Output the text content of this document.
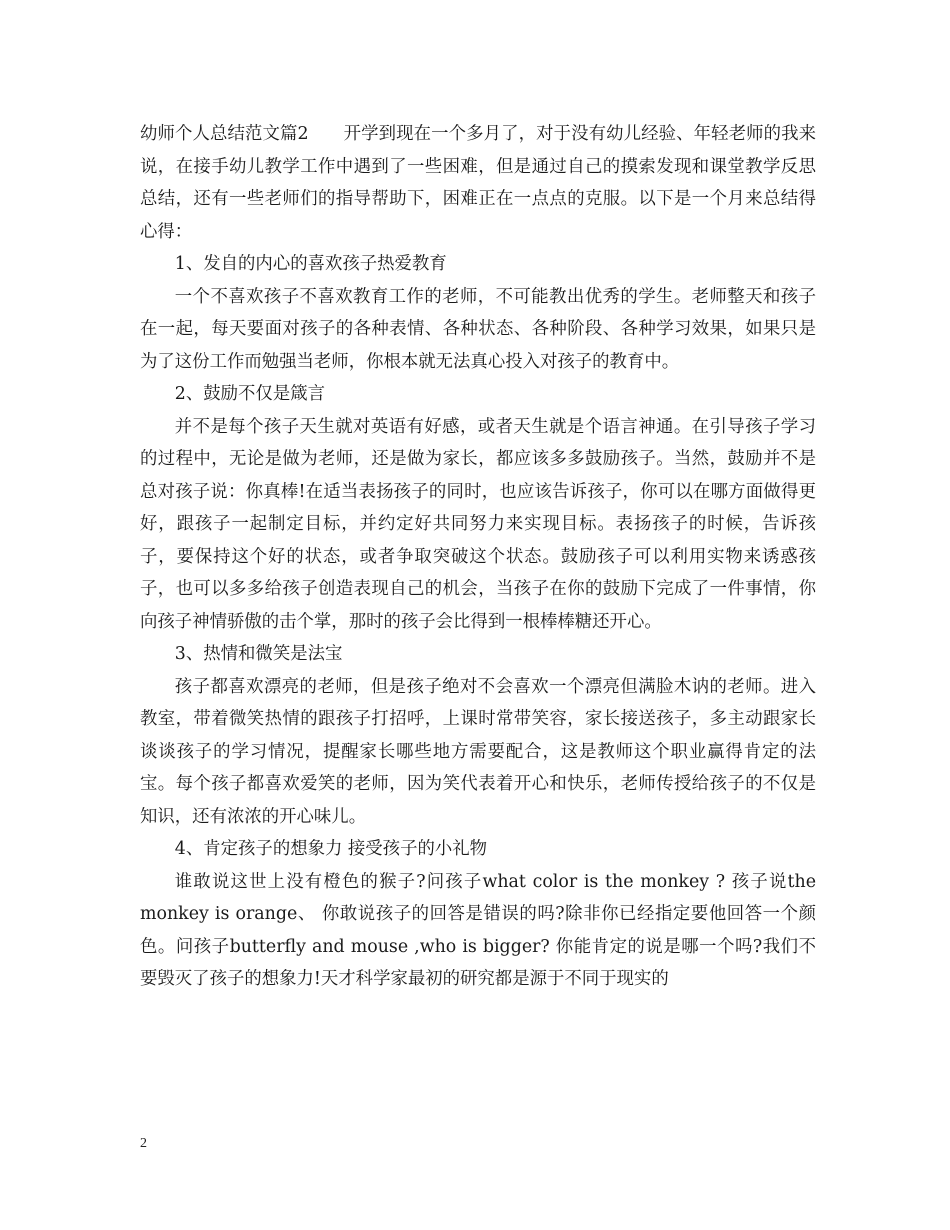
幼师个人总结范文篇2　　开学到现在一个多月了，对于没有幼儿经验、年轻老师的我来说，在接手幼儿教学工作中遇到了一些困难，但是通过自己的摸索发现和课堂教学反思总结，还有一些老师们的指导帮助下，困难正在一点点的克服。以下是一个月来总结得心得：

1、发自的内心的喜欢孩子热爱教育

一个不喜欢孩子不喜欢教育工作的老师，不可能教出优秀的学生。老师整天和孩子在一起，每天要面对孩子的各种表情、各种状态、各种阶段、各种学习效果，如果只是为了这份工作而勉强当老师，你根本就无法真心投入对孩子的教育中。

2、鼓励不仅是箴言

并不是每个孩子天生就对英语有好感，或者天生就是个语言神通。在引导孩子学习的过程中，无论是做为老师，还是做为家长，都应该多多鼓励孩子。当然，鼓励并不是总对孩子说：你真棒!在适当表扬孩子的同时，也应该告诉孩子，你可以在哪方面做得更好，跟孩子一起制定目标，并约定好共同努力来实现目标。表扬孩子的时候，告诉孩子，要保持这个好的状态，或者争取突破这个状态。鼓励孩子可以利用实物来诱惑孩子，也可以多多给孩子创造表现自己的机会，当孩子在你的鼓励下完成了一件事情，你向孩子神情骄傲的击个掌，那时的孩子会比得到一根棒棒糖还开心。

3、热情和微笑是法宝

孩子都喜欢漂亮的老师，但是孩子绝对不会喜欢一个漂亮但满脸木讷的老师。进入教室，带着微笑热情的跟孩子打招呼，上课时常带笑容，家长接送孩子，多主动跟家长谈谈孩子的学习情况，提醒家长哪些地方需要配合，这是教师这个职业赢得肯定的法宝。每个孩子都喜欢爱笑的老师，因为笑代表着开心和快乐，老师传授给孩子的不仅是知识，还有浓浓的开心味儿。

4、肯定孩子的想象力 接受孩子的小礼物

谁敢说这世上没有橙色的猴子?问孩子what color is the monkey ? 孩子说the monkey is orange、 你敢说孩子的回答是错误的吗?除非你已经指定要他回答一个颜色。问孩子butterfly and mouse ,who is bigger? 你能肯定的说是哪一个吗?我们不要毁灭了孩子的想象力!天才科学家最初的研究都是源于不同于现实的

2
